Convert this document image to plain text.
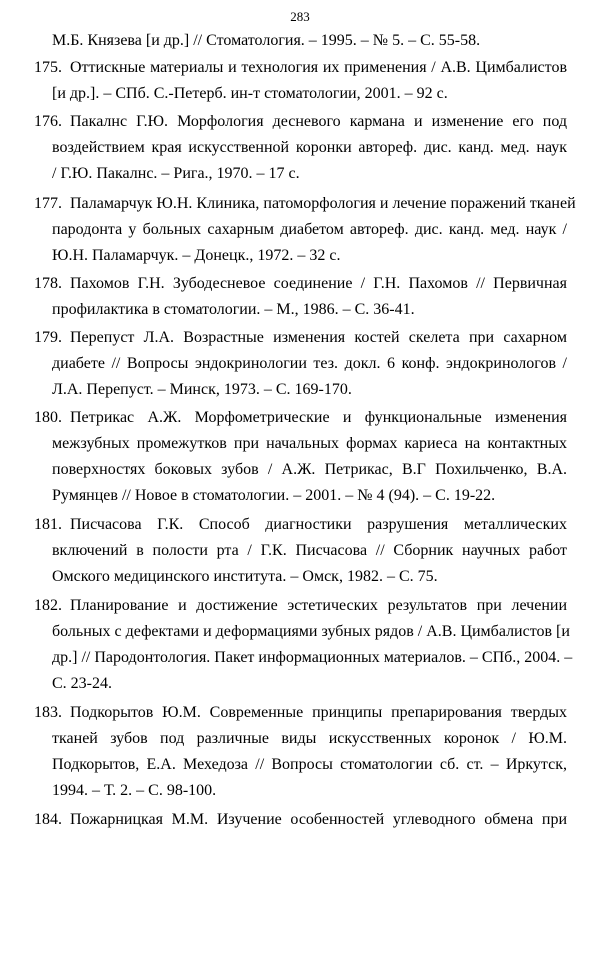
283
М.Б. Князева [и др.] // Стоматология. – 1995. – № 5. – С. 55-58.
175. Оттискные материалы и технология их применения / А.В. Цимбалистов
[и др.]. – СПб. С.-Петерб. ин-т стоматологии, 2001. – 92 с.
176. Пакалнс Г.Ю. Морфология десневого кармана и изменение его под
воздействием края искусственной коронки автореф. дис. канд. мед. наук
/ Г.Ю. Пакалнс. – Рига., 1970. – 17 с.
177. Паламарчук Ю.Н. Клиника, патоморфология и лечение поражений тканей
пародонта у больных сахарным диабетом автореф. дис. канд. мед. наук /
Ю.Н. Паламарчук. – Донецк., 1972. – 32 с.
178. Пахомов Г.Н. Зубодесневое соединение / Г.Н. Пахомов // Первичная
профилактика в стоматологии. – М., 1986. – С. 36-41.
179. Перепуст Л.А. Возрастные изменения костей скелета при сахарном
диабете // Вопросы эндокринологии тез. докл. 6 конф. эндокринологов /
Л.А. Перепуст. – Минск, 1973. – С. 169-170.
180. Петрикас А.Ж. Морфометрические и функциональные изменения
межзубных промежутков при начальных формах кариеса на контактных
поверхностях боковых зубов / А.Ж. Петрикас, В.Г Похильченко, В.А.
Румянцев // Новое в стоматологии. – 2001. – № 4 (94). – С. 19-22.
181. Писчасова Г.К. Способ диагностики разрушения металлических
включений в полости рта / Г.К. Писчасова // Сборник научных работ
Омского медицинского института. – Омск, 1982. – С. 75.
182. Планирование и достижение эстетических результатов при лечении
больных с дефектами и деформациями зубных рядов / А.В. Цимбалистов [и
др.] // Пародонтология. Пакет информационных материалов. – СПб., 2004. –
С. 23-24.
183. Подкорытов Ю.М. Современные принципы препарирования твердых
тканей зубов под различные виды искусственных коронок / Ю.М.
Подкорытов, Е.А. Мехедоза // Вопросы стоматологии сб. ст. – Иркутск,
1994. – Т. 2. – С. 98-100.
184. Пожарницкая М.М. Изучение особенностей углеводного обмена при
